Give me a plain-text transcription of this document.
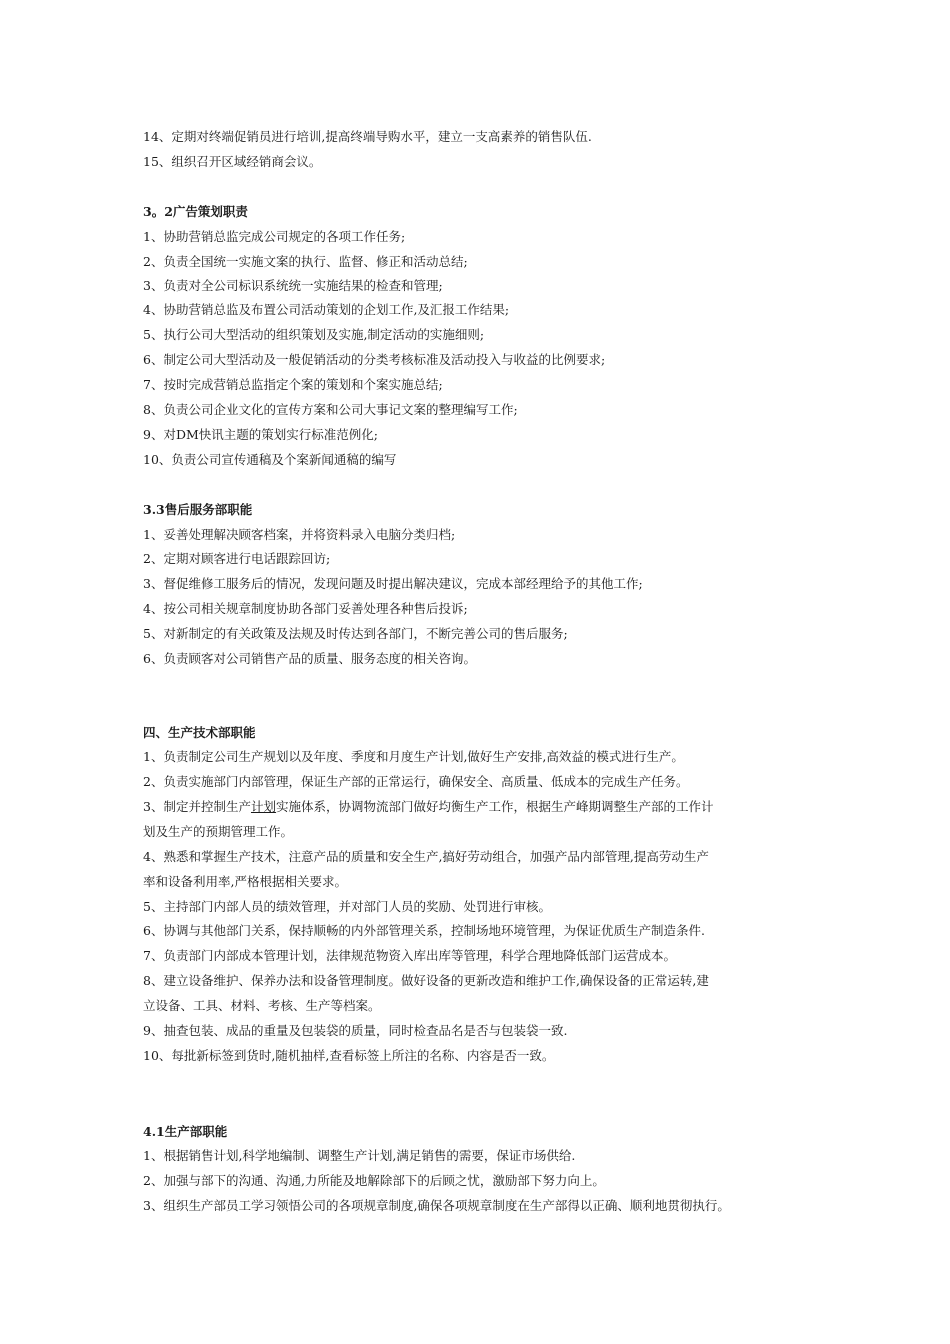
14、定期对终端促销员进行培训,提高终端导购水平，建立一支高素养的销售队伍.
15、组织召开区域经销商会议。
3。2广告策划职责
1、协助营销总监完成公司规定的各项工作任务;
2、负责全国统一实施文案的执行、监督、修正和活动总结;
3、负责对全公司标识系统统一实施结果的检查和管理;
4、协助营销总监及布置公司活动策划的企划工作,及汇报工作结果;
5、执行公司大型活动的组织策划及实施,制定活动的实施细则;
6、制定公司大型活动及一般促销活动的分类考核标准及活动投入与收益的比例要求;
7、按时完成营销总监指定个案的策划和个案实施总结;
8、负责公司企业文化的宣传方案和公司大事记文案的整理编写工作;
9、对DM快讯主题的策划实行标准范例化;
10、负责公司宣传通稿及个案新闻通稿的编写
3.3售后服务部职能
1、妥善处理解决顾客档案，并将资料录入电脑分类归档;
2、定期对顾客进行电话跟踪回访;
3、督促维修工服务后的情况，发现问题及时提出解决建议，完成本部经理给予的其他工作;
4、按公司相关规章制度协助各部门妥善处理各种售后投诉;
5、对新制定的有关政策及法规及时传达到各部门，不断完善公司的售后服务;
6、负责顾客对公司销售产品的质量、服务态度的相关咨询。
四、生产技术部职能
1、负责制定公司生产规划以及年度、季度和月度生产计划,做好生产安排,高效益的模式进行生产。
2、负责实施部门内部管理，保证生产部的正常运行，确保安全、高质量、低成本的完成生产任务。
3、制定并控制生产计划实施体系，协调物流部门做好均衡生产工作，根据生产峰期调整生产部的工作计
划及生产的预期管理工作。
4、熟悉和掌握生产技术，注意产品的质量和安全生产,搞好劳动组合，加强产品内部管理,提高劳动生产
率和设备利用率,严格根据相关要求。
5、主持部门内部人员的绩效管理，并对部门人员的奖励、处罚进行审核。
6、协调与其他部门关系，保持顺畅的内外部管理关系，控制场地环境管理，为保证优质生产制造条件.
7、负责部门内部成本管理计划，法律规范物资入库出库等管理，科学合理地降低部门运营成本。
8、建立设备维护、保养办法和设备管理制度。做好设备的更新改造和维护工作,确保设备的正常运转,建
立设备、工具、材料、考核、生产等档案。
9、抽查包装、成品的重量及包装袋的质量，同时检查品名是否与包装袋一致.
10、每批新标签到货时,随机抽样,查看标签上所注的名称、内容是否一致。
4.1生产部职能
1、根据销售计划,科学地编制、调整生产计划,满足销售的需要，保证市场供给.
2、加强与部下的沟通、沟通,力所能及地解除部下的后顾之忧，激励部下努力向上。
3、组织生产部员工学习领悟公司的各项规章制度,确保各项规章制度在生产部得以正确、顺利地贯彻执行。
